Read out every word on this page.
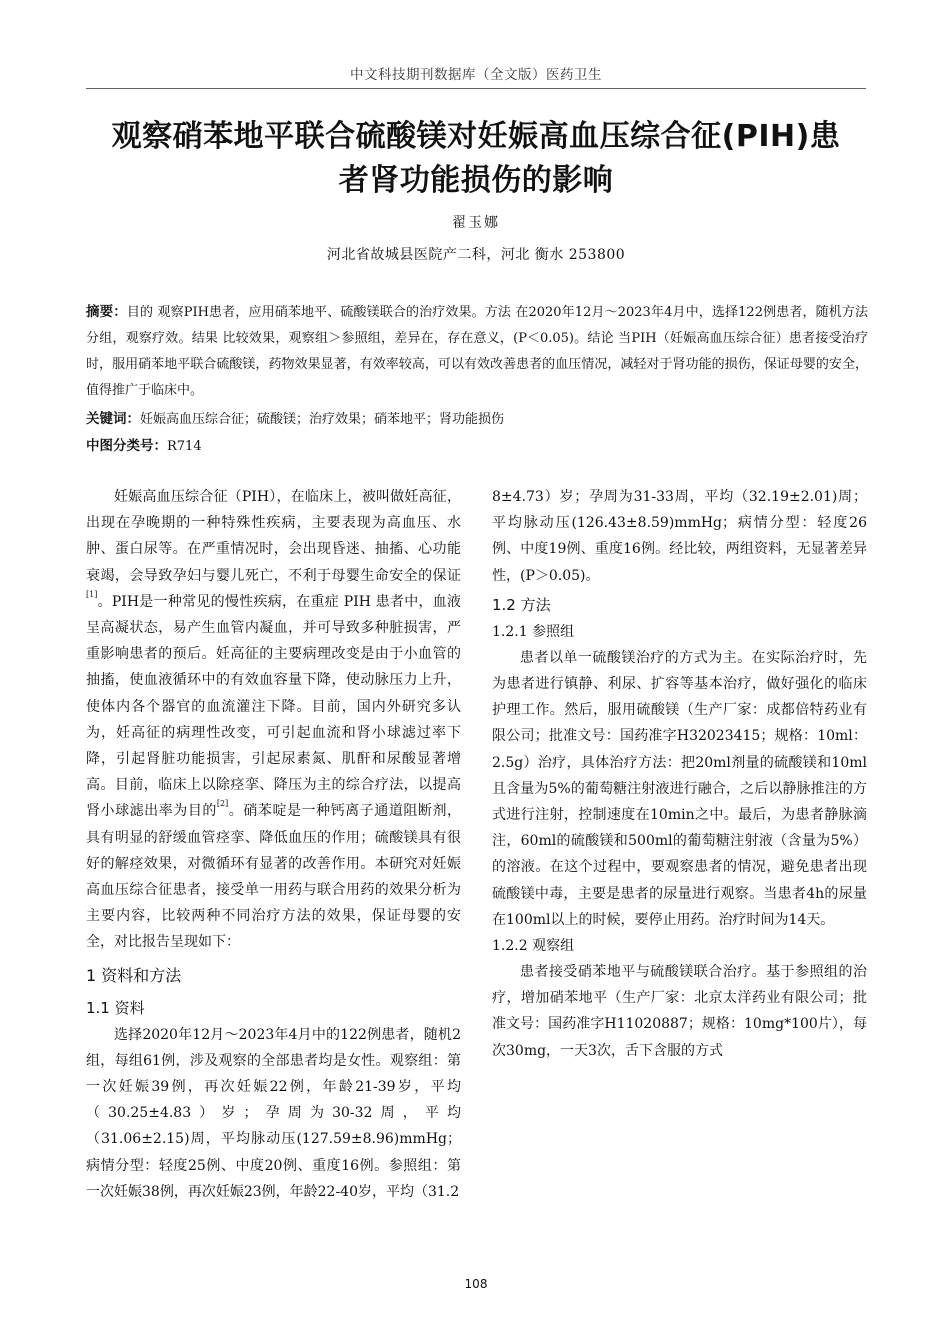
中文科技期刊数据库（全文版）医药卫生
观察硝苯地平联合硫酸镁对妊娠高血压综合征(PIH)患
者肾功能损伤的影响
翟玉娜
河北省故城县医院产二科，河北 衡水 253800

摘要：目的 观察PIH患者，应用硝苯地平、硫酸镁联合的治疗效果。方法 在2020年12月～2023年4月中，选择122例患者，随机方法分组，观察疗效。结果 比较效果，观察组＞参照组，差异在，存在意义，(P＜0.05)。结论 当PIH（妊娠高血压综合征）患者接受治疗时，服用硝苯地平联合硫酸镁，药物效果显著，有效率较高，可以有效改善患者的血压情况，减轻对于肾功能的损伤，保证母婴的安全，值得推广于临床中。

关键词：妊娠高血压综合征；硫酸镁；治疗效果；硝苯地平；肾功能损伤

中图分类号：R714

妊娠高血压综合征（PIH），在临床上，被叫做妊高征，出现在孕晚期的一种特殊性疾病，主要表现为高血压、水肿、蛋白尿等。在严重情况时，会出现昏迷、抽搐、心功能衰竭，会导致孕妇与婴儿死亡，不利于母婴生命安全的保证[1]。PIH是一种常见的慢性疾病，在重症 PIH 患者中，血液呈高凝状态，易产生血管内凝血，并可导致多种脏损害，严重影响患者的预后。妊高征的主要病理改变是由于小血管的抽搐，使血液循环中的有效血容量下降，使动脉压力上升，使体内各个器官的血流灌注下降。目前，国内外研究多认为，妊高征的病理性改变，可引起血流和肾小球滤过率下降，引起肾脏功能损害，引起尿素氮、肌酐和尿酸显著增高。目前，临床上以除痉挛、降压为主的综合疗法，以提高肾小球滤出率为目的[2]。硝苯啶是一种钙离子通道阻断剂，具有明显的舒缓血管痉挛、降低血压的作用；硫酸镁具有很好的解痉效果，对微循环有显著的改善作用。本研究对妊娠高血压综合征患者，接受单一用药与联合用药的效果分析为主要内容，比较两种不同治疗方法的效果，保证母婴的安全，对比报告呈现如下：

1 资料和方法

1.1 资料

选择2020年12月～2023年4月中的122例患者，随机2组，每组61例，涉及观察的全部患者均是女性。观察组：第一次妊娠39例，再次妊娠22例，年龄21-39岁，平均（30.25±4.83）岁；孕周为30-32周，平均（31.06±2.15)周，平均脉动压(127.59±8.96)mmHg；病情分型：轻度25例、中度20例、重度16例。参照组：第一次妊娠38例，再次妊娠23例，年龄22-40岁，平均（31.2

8±4.73）岁；孕周为31-33周，平均（32.19±2.01)周；平均脉动压(126.43±8.59)mmHg；病情分型：轻度26例、中度19例、重度16例。经比较，两组资料，无显著差异性，(P＞0.05)。

1.2 方法

1.2.1 参照组

患者以单一硫酸镁治疗的方式为主。在实际治疗时，先为患者进行镇静、利尿、扩容等基本治疗，做好强化的临床护理工作。然后，服用硫酸镁（生产厂家：成都倍特药业有限公司；批准文号：国药准字H32023415；规格：10ml：2.5g）治疗，具体治疗方法：把20ml剂量的硫酸镁和10ml且含量为5%的葡萄糖注射液进行融合，之后以静脉推注的方式进行注射，控制速度在10min之中。最后，为患者静脉滴注，60ml的硫酸镁和500ml的葡萄糖注射液（含量为5%）的溶液。在这个过程中，要观察患者的情况，避免患者出现硫酸镁中毒，主要是患者的尿量进行观察。当患者4h的尿量在100ml以上的时候，要停止用药。治疗时间为14天。

1.2.2 观察组

患者接受硝苯地平与硫酸镁联合治疗。基于参照组的治疗，增加硝苯地平（生产厂家：北京太洋药业有限公司；批准文号：国药准字H11020887；规格：10mg*100片），每次30mg，一天3次，舌下含服的方式

108
